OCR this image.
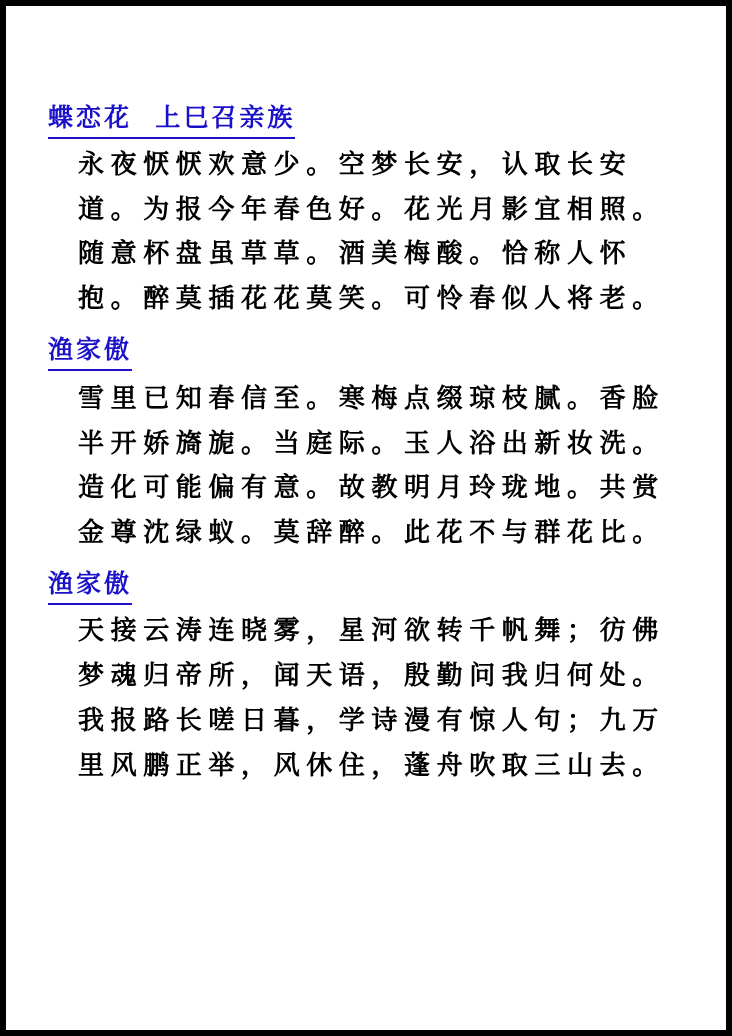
蝶恋花  上巳召亲族
永夜恹恹欢意少。空梦长安，认取长安
道。为报今年春色好。花光月影宜相照。
随意杯盘虽草草。酒美梅酸。恰称人怀
抱。醉莫插花花莫笑。可怜春似人将老。
渔家傲
雪里已知春信至。寒梅点缀琼枝腻。香脸
半开娇旖旎。当庭际。玉人浴出新妆洗。
造化可能偏有意。故教明月玲珑地。共赏
金尊沈绿蚁。莫辞醉。此花不与群花比。
渔家傲
天接云涛连晓雾，星河欲转千帆舞；彷佛
梦魂归帝所，闻天语，殷勤问我归何处。
我报路长嗟日暮，学诗漫有惊人句；九万
里风鹏正举，风休住，蓬舟吹取三山去。
